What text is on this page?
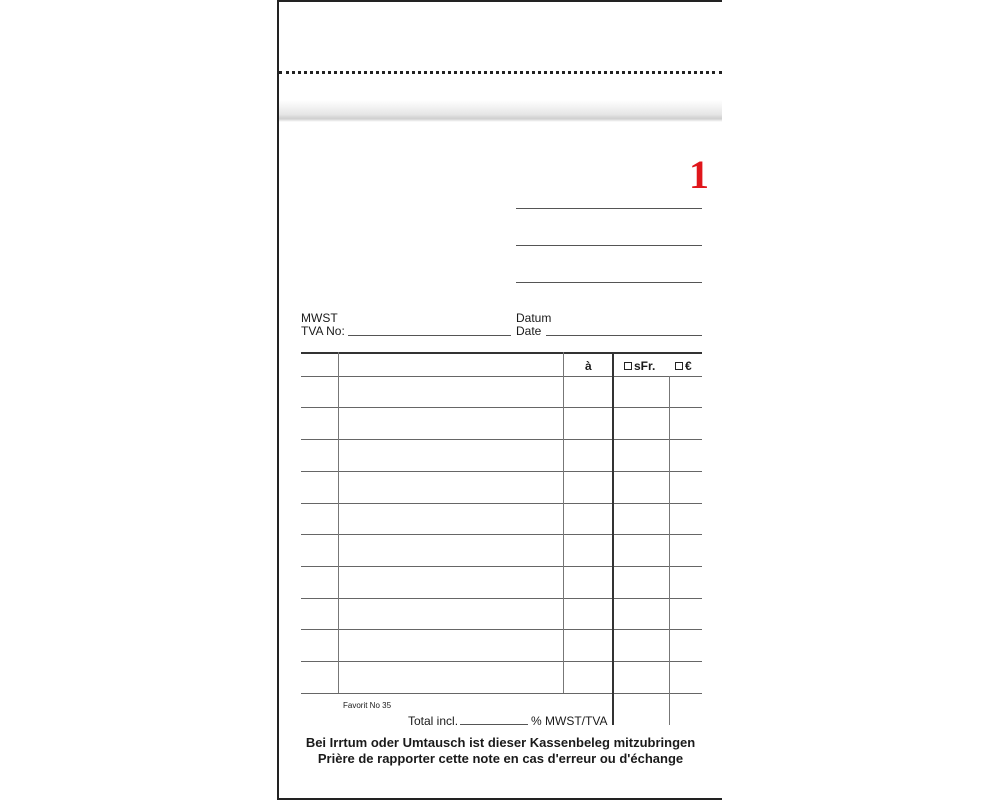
1
MWST
TVA No:
Datum
Date
à	sFr.	€
Favorit No 35
Total incl.	% MWST/TVA
Bei Irrtum oder Umtausch ist dieser Kassenbeleg mitzubringen
Prière de rapporter cette note en cas d'erreur ou d'échange
